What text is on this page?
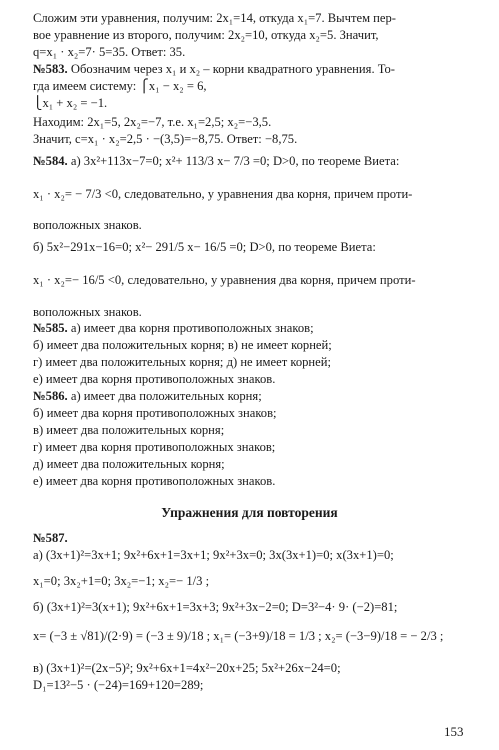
Сложим эти уравнения, получим: 2x₁=14, откуда x₁=7. Вычтем пер-
вое уравнение из второго, получим: 2x₂=10, откуда x₂=5. Значит,
q=x₁ · x₂=7· 5=35. Ответ: 35.
№583. Обозначим через x₁ и x₂ – корни квадратного уравнения. То-
гда имеем систему: ⎧x₁ − x₂ = 6,
⎩x₁ + x₂ = −1.
Находим: 2x₁=5, 2x₂=−7, т.е. x₁=2,5; x₂=−3,5.
Значит, c=x₁ · x₂=2,5 · −(3,5)=−8,75. Ответ: −8,75.
№584. а) 3x²+113x−7=0; x²+ 113/3 x− 7/3 =0; D>0, по теореме Виета:
x₁ · x₂= − 7/3 <0, следовательно, у уравнения два корня, причем проти-
воположных знаков.
б) 5x²−291x−16=0; x²− 291/5 x− 16/5 =0; D>0, по теореме Виета:
x₁ · x₂=− 16/5 <0, следовательно, у уравнения два корня, причем проти-
воположных знаков.
№585. а) имеет два корня противоположных знаков;
б) имеет два положительных корня; в) не имеет корней;
г) имеет два положительных корня; д) не имеет корней;
е) имеет два корня противоположных знаков.
№586. а) имеет два положительных корня;
б) имеет два корня противоположных знаков;
в) имеет два положительных корня;
г) имеет два корня противоположных знаков;
д) имеет два положительных корня;
е) имеет два корня противоположных знаков.
№587.
а) (3x+1)²=3x+1; 9x²+6x+1=3x+1; 9x²+3x=0; 3x(3x+1)=0; x(3x+1)=0;
x₁=0; 3x₂+1=0; 3x₂=−1; x₂=− 1/3 ;
б) (3x+1)²=3(x+1); 9x²+6x+1=3x+3; 9x²+3x−2=0; D=3²−4· 9· (−2)=81;
x= (−3 ± √81)/(2·9) = (−3 ± 9)/18 ; x₁= (−3+9)/18 = 1/3 ; x₂= (−3−9)/18 = − 2/3 ;
в) (3x+1)²=(2x−5)²; 9x²+6x+1=4x²−20x+25; 5x²+26x−24=0;
D₁=13²−5 · (−24)=169+120=289;
Упражнения для повторения
153
